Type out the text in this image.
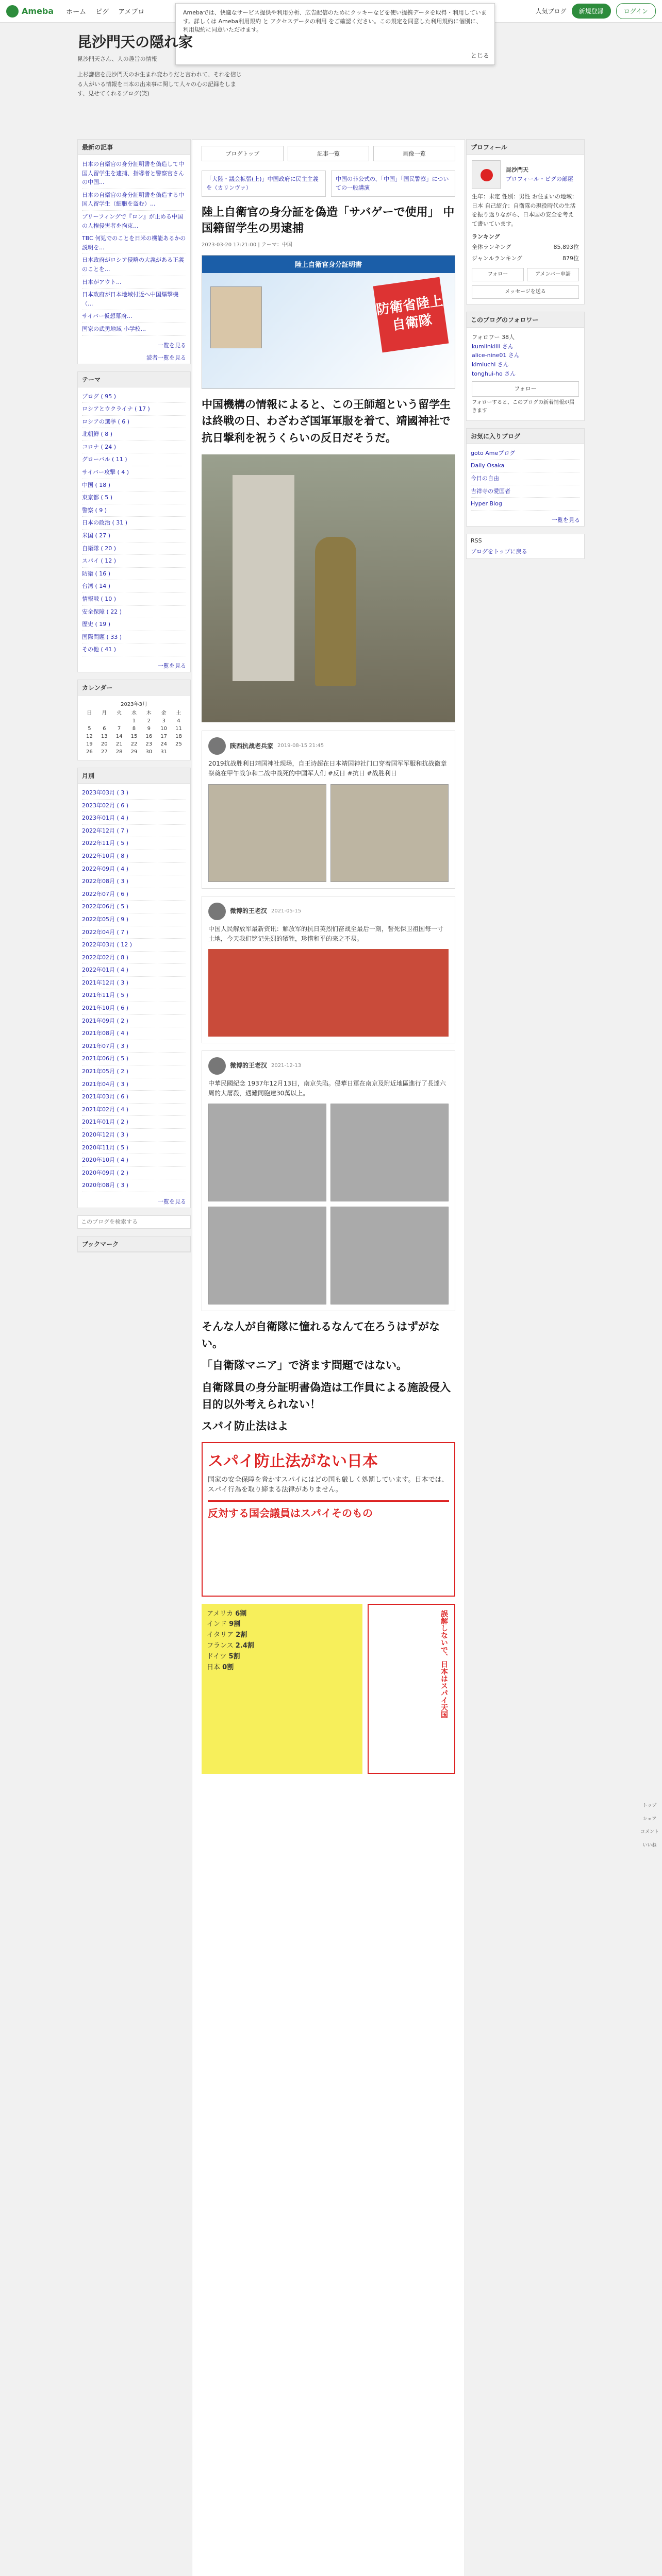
Ameba ホーム ピグ アメブロ	人気ブログ	新規登録	ログイン
Amebaでは、快適なサービス提供や利用分析、広告配信のためにクッキーなどを使い提携データを取得・利用しています。詳しくは Ameba利用規約 と アクセスデータの利用 をご確認ください。この規定を同意した利用規約に個別に、利用規約に同意いただけます。
とじる
昆沙門天の隠れ家
昆沙門天さん、人の趣旨の情報
上杉謙信を昆沙門天のお生まれ変わりだと言われて、それを信じる人がいる情報を日本の出来事に関して人々の心の記録をします、見せてくれるブログ(笑)
最新の記事
日本の自衛官の身分証明書を偽造して中国人留学生を逮捕、指導者と警察官さんの中国...
日本の自衛官の身分証明書を偽造する中国人留学生（細胞を盗む）...
プリーフィングで『ロン』が止める中国の人権侵害者を拘束...
TBC 何処でのことを日米の機能あるかの説明を...
日本政府がロシア侵略の大義がある正義のことを...
日本がアウト...
日本政府が日本地域付近へ中国爆撃機（...
サイバー仮想幕府...
国家の武勇地域 小学校...
一覧を見る
読者一覧を見る
テーマ
ブログ ( 95 )
ロシアとウクライナ ( 17 )
ロシアの選挙 ( 6 )
北朝鮮 ( 8 )
コロナ ( 24 )
グローバル ( 11 )
サイバー攻撃 ( 4 )
中国 ( 18 )
東京都 ( 5 )
警察 ( 9 )
日本の政治 ( 31 )
米国 ( 27 )
自衛隊 ( 20 )
スパイ ( 12 )
防衛 ( 16 )
台湾 ( 14 )
情報戦 ( 10 )
安全保障 ( 22 )
歴史 ( 19 )
国際問題 ( 33 )
その他 ( 41 )
一覧を見る
カレンダー
2023年3月
日	月	火	水	木	金	土
			1	2	3	4
5	6	7	8	9	10	11
12	13	14	15	16	17	18
19	20	21	22	23	24	25
26	27	28	29	30	31	
月別
2023年03月 ( 3 )
2023年02月 ( 6 )
2023年01月 ( 4 )
2022年12月 ( 7 )
2022年11月 ( 5 )
2022年10月 ( 8 )
2022年09月 ( 4 )
2022年08月 ( 3 )
2022年07月 ( 6 )
2022年06月 ( 5 )
2022年05月 ( 9 )
2022年04月 ( 7 )
2022年03月 ( 12 )
2022年02月 ( 8 )
2022年01月 ( 4 )
2021年12月 ( 3 )
2021年11月 ( 5 )
2021年10月 ( 6 )
2021年09月 ( 2 )
2021年08月 ( 4 )
2021年07月 ( 3 )
2021年06月 ( 5 )
2021年05月 ( 2 )
2021年04月 ( 3 )
2021年03月 ( 6 )
2021年02月 ( 4 )
2021年01月 ( 2 )
2020年12月 ( 3 )
2020年11月 ( 5 )
2020年10月 ( 4 )
2020年09月 ( 2 )
2020年08月 ( 3 )
一覧を見る
このブログを検索する
ブックマーク
ブログトップ	記事一覧	画像一覧
「大陸・議会拡張(上)」中国政府に民主主義を（カリンヴァ）
中国の非公式の、「中国」「国民警察」についての一般講演
陸上自衛官の身分証を偽造「サバゲーで使用」 中国籍留学生の男逮捕
2023-03-20 17:21:00 | テーマ：中国
陸上自衛官身分証明書
防衛省陸上自衛隊
中国機構の情報によると、この王師超という留学生は終戦の日、わざわざ国軍軍服を着て、靖國神社で抗日撃利を祝うくらいの反日だそうだ。
陝西抗战老兵家 2019-08-15 21:45
2019抗战胜利日靖国神社现场，自王诗超在日本靖国神社门口穿着国军军服和抗战徽章祭奠在甲午战争和二战中战死的中国军人们 #反日 #抗日 #战胜利日
微博的王老汉 2021-05-15
中国人民解放军最新资讯：解放军的抗日英烈们奋战至最后一刻，誓死保卫祖国每一寸土地，今天我们铭记先烈的牺牲，珍惜和平的来之不易。
微博的王老汉 2021-12-13
中華民國紀念 1937年12月13日，南京失陷。侵華日軍在南京及附近地區進行了長達六周的大屠殺，遇難同胞達30萬以上。
そんな人が自衛隊に憧れるなんて在ろうはずがない。
「自衛隊マニア」で済ます問題ではない。
自衛隊員の身分証明書偽造は工作員による施設侵入目的以外考えられない！
スパイ防止法はよ
スパイ防止法がない日本
国家の安全保障を脅かすスパイにはどの国も厳しく処罰しています。日本では、スパイ行為を取り締まる法律がありません。
反対する国会議員はスパイそのもの
アメリカ 6割
インド 9割
イタリア 2割
フランス 2.4割
ドイツ 5割
日本 0割	誤解しないで、日本はスパイ天国
プロフィール
昆沙門天
プロフィール・ピグの部屋
生年：未定 性別：男性 お住まいの地域：日本 自己紹介：自衛隊の現役時代の生活を振り返りながら、日本国の安全を考えて書いています。
ランキング
全体ランキング	85,893位
ジャンルランキング	879位
フォロー	アメンバー申請
メッセージを送る
このブログのフォロワー
フォロワー 38人
kumiinkiiii さん
alice-nine01 さん
kimiuchi さん
tonghui-ho さん
フォロー
フォローすると、このブログの新着情報が届きます
お気に入りブログ
goto Ameブログ
Daily Osaka
今日の自由
吉祥寺の愛国者
Hyper Blog
一覧を見る
RSS
ブログをトップに戻る
トップ
シェア
コメント
いいね
